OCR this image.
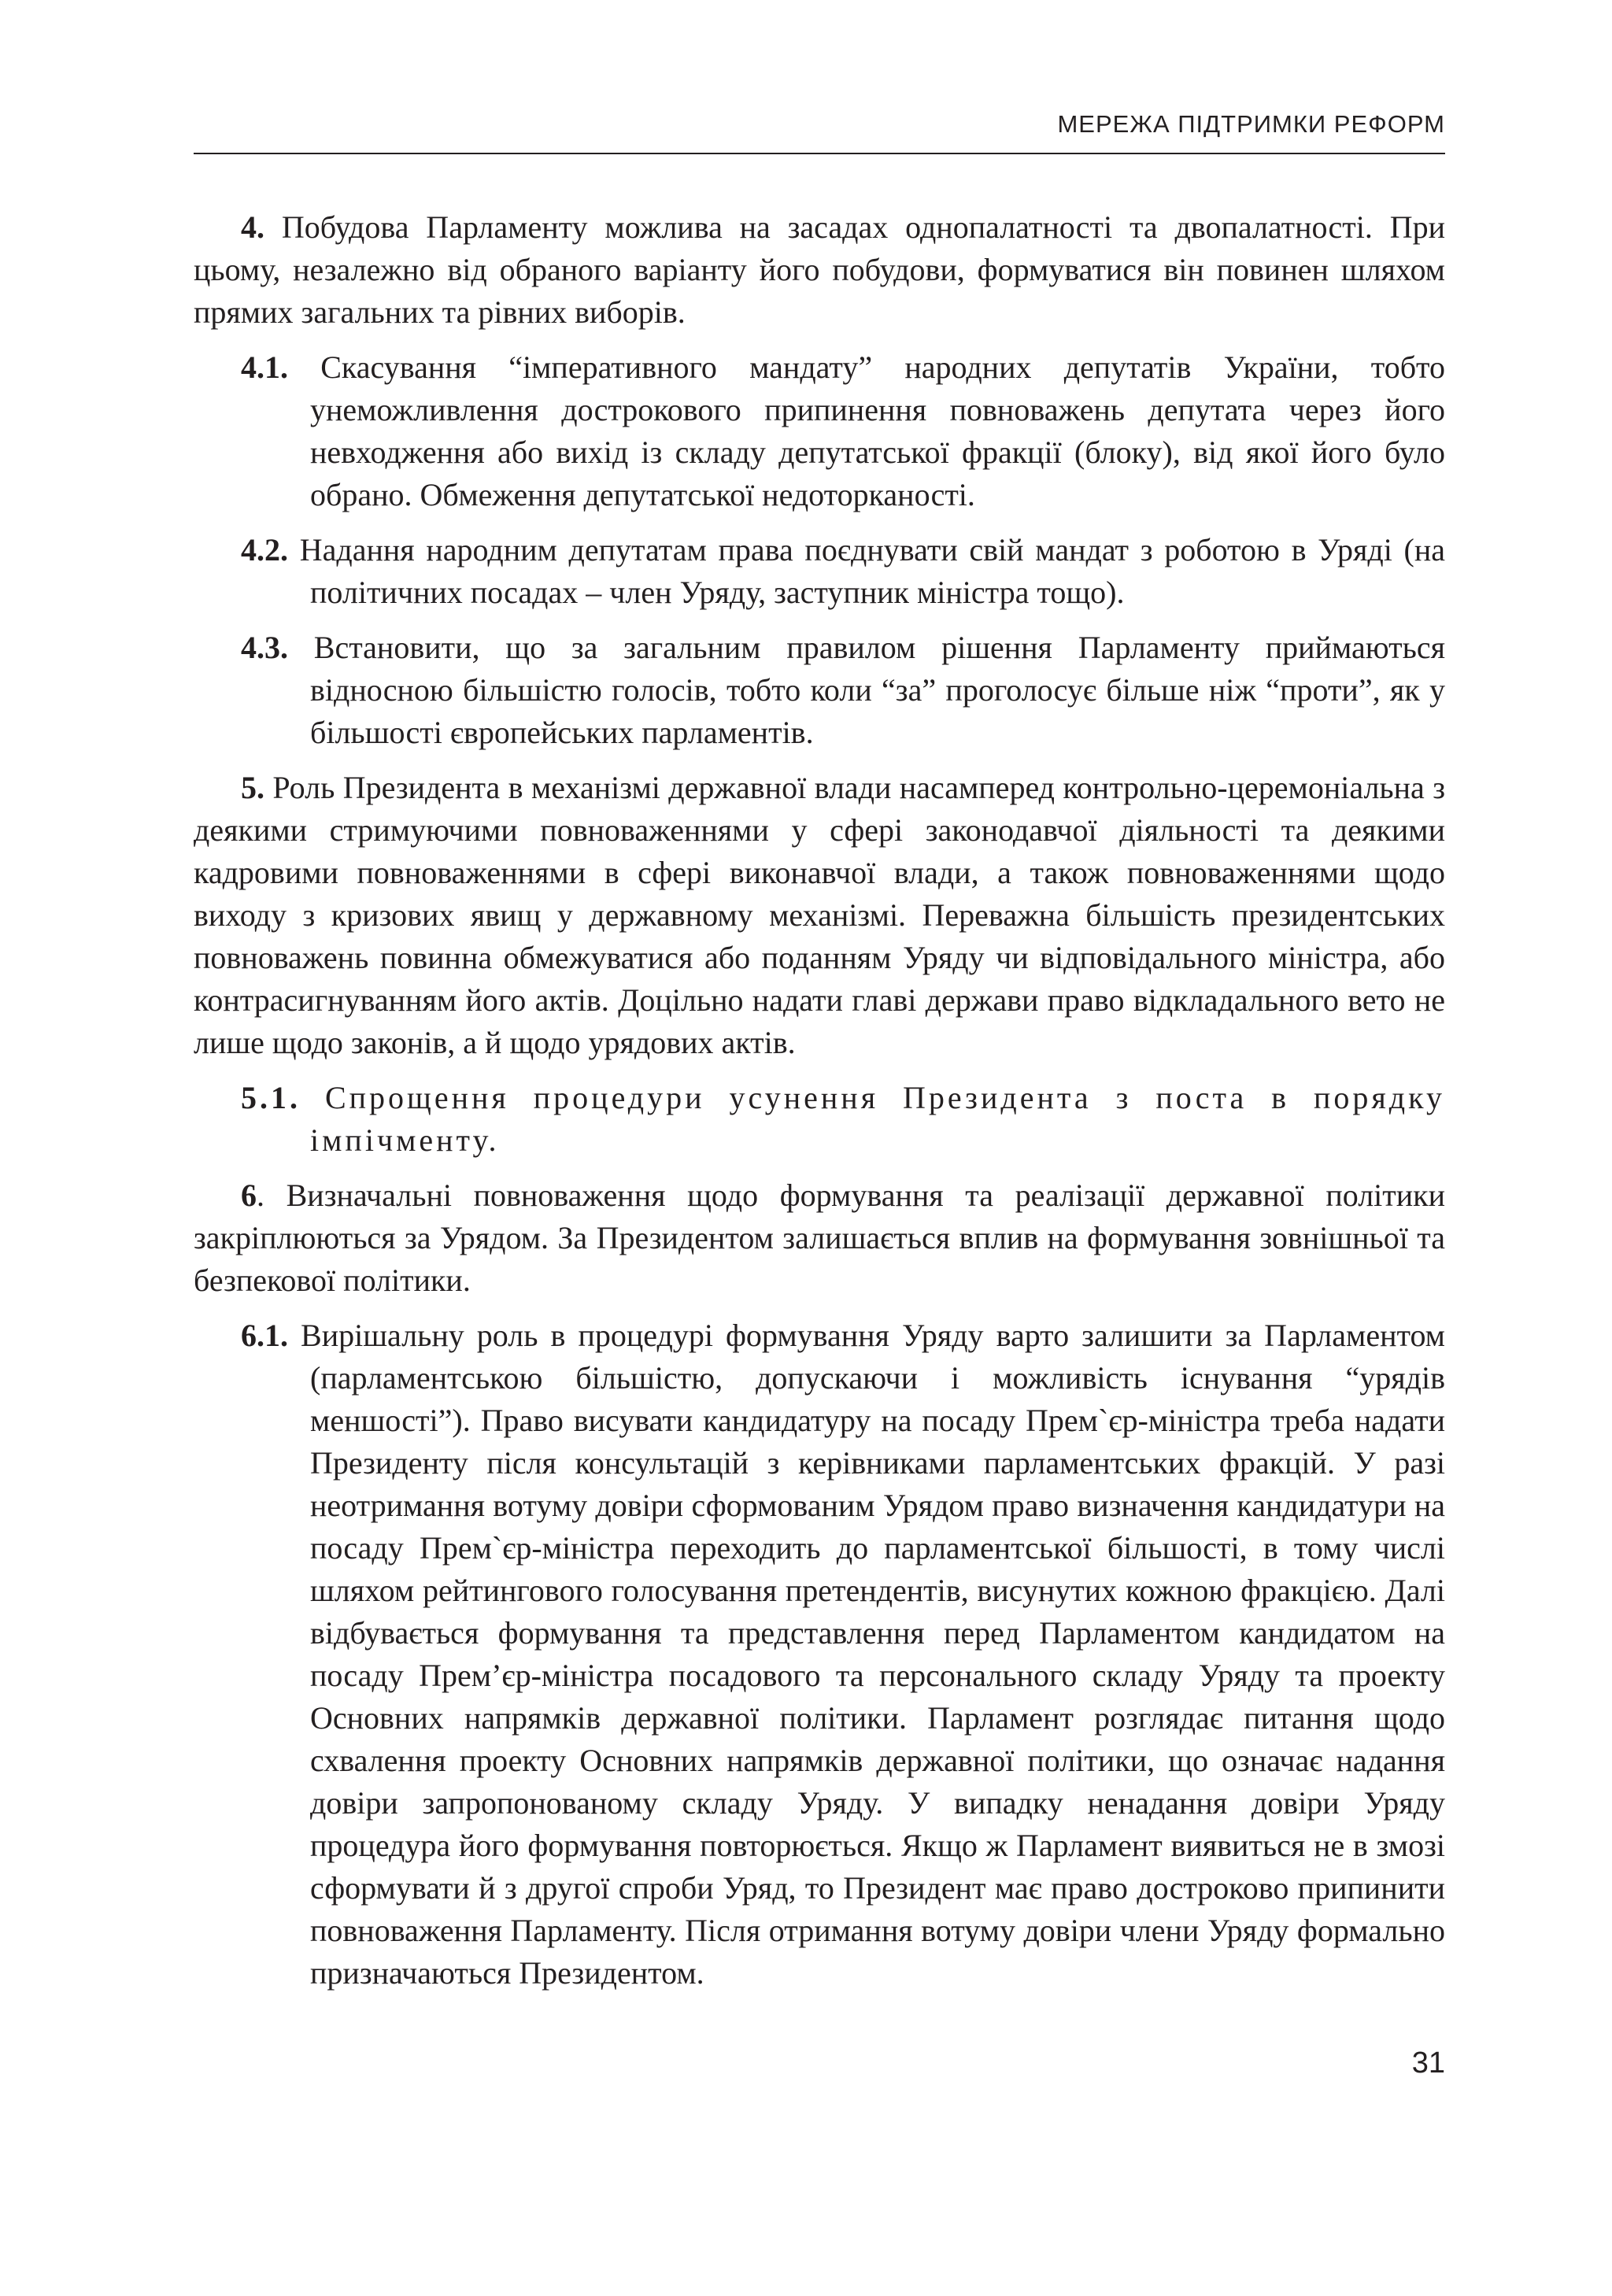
МЕРЕЖА ПІДТРИМКИ РЕФОРМ

4. Побудова Парламенту можлива на засадах однопалатності та двопалатності. При цьому, незалежно від обраного варіанту його побудови, формуватися він повинен шляхом прямих загальних та рівних виборів.

4.1. Скасування “імперативного мандату” народних депутатів України, тобто унеможливлення дострокового припинення повноважень депутата через його невходження або вихід із складу депутатської фракції (блоку), від якої його було обрано. Обмеження депутатської недоторканості.

4.2. Надання народним депутатам права поєднувати свій мандат з роботою в Уряді (на політичних посадах – член Уряду, заступник міністра тощо).

4.3. Встановити, що за загальним правилом рішення Парламенту приймаються відносною більшістю голосів, тобто коли “за” проголосує більше ніж “проти”, як у більшості європейських парламентів.

5. Роль Президента в механізмі державної влади насамперед контрольно-церемоніальна з деякими стримуючими повноваженнями у сфері законодавчої діяльності та деякими кадровими повноваженнями в сфері виконавчої влади, а також повноваженнями щодо виходу з кризових явищ у державному механізмі. Переважна більшість президентських повноважень повинна обмежуватися або поданням Уряду чи відповідального міністра, або контрасигнуванням його актів. Доцільно надати главі держави право відкладального вето не лише щодо законів, а й щодо урядових актів.

5.1. Спрощення процедури усунення Президента з поста в порядку імпічменту.

6. Визначальні повноваження щодо формування та реалізації державної політики закріплюються за Урядом. За Президентом залишається вплив на формування зовнішньої та безпекової політики.

6.1. Вирішальну роль в процедурі формування Уряду варто залишити за Парламентом (парламентською більшістю, допускаючи і можливість існування “урядів меншості”). Право висувати кандидатуру на посаду Прем`єр-міністра треба надати Президенту після консультацій з керівниками парламентських фракцій. У разі неотримання вотуму довіри сформованим Урядом право визначення кандидатури на посаду Прем`єр-міністра переходить до парламентської більшості, в тому числі шляхом рейтингового голосування претендентів, висунутих кожною фракцією. Далі відбувається формування та представлення перед Парламентом кандидатом на посаду Прем’єр-міністра посадового та персонального складу Уряду та проекту Основних напрямків державної політики. Парламент розглядає питання щодо схвалення проекту Основних напрямків державної політики, що означає надання довіри запропонованому складу Уряду. У випадку ненадання довіри Уряду процедура його формування повторюється. Якщо ж Парламент виявиться не в змозі сформувати й з другої спроби Уряд, то Президент має право достроково припинити повноваження Парламенту. Після отримання вотуму довіри члени Уряду формально призначаються Президентом.

31
